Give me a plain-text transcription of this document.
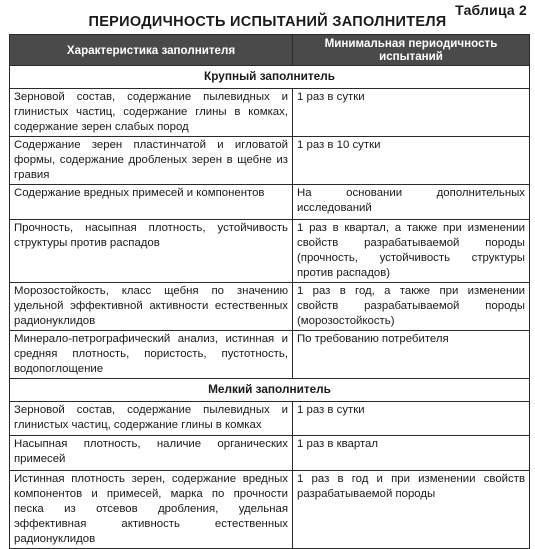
Таблица 2
ПЕРИОДИЧНОСТЬ ИСПЫТАНИЙ ЗАПОЛНИТЕЛЯ
Характеристика заполнителя	Минимальная периодичность испытаний
Крупный заполнитель	
Зерновой состав, содержание пылевидных и глинистых частиц, содержание глины в комках, содержание зерен слабых пород	1 раз в сутки
Содержание зерен пластинчатой и игловатой формы, содержание дробленых зерен в щебне из гравия	1 раз в 10 сутки
Содержание вредных примесей и компонентов	На основании дополнительных исследований
Прочность, насыпная плотность, устойчивость структуры против распадов	1 раз в квартал, а также при изменении свойств разрабатываемой породы (прочность, устойчивость структуры против распадов)
Морозостойкость, класс щебня по значению удельной эффективной активности естественных радионуклидов	1 раз в год, а также при изменении свойств разрабатываемой породы (морозостойкость)
Минерало-петрографический анализ, истинная и средняя плотность, пористость, пустотность, водопоглощение	По требованию потребителя
Мелкий заполнитель	
Зерновой состав, содержание пылевидных и глинистых частиц, содержание глины в комках	1 раз в сутки
Насыпная плотность, наличие органических примесей	1 раз в квартал
Истинная плотность зерен, содержание вредных компонентов и примесей, марка по прочности песка из отсевов дробления, удельная эффективная активность естественных радионуклидов	1 раз в год и при изменении свойств разрабатываемой породы
